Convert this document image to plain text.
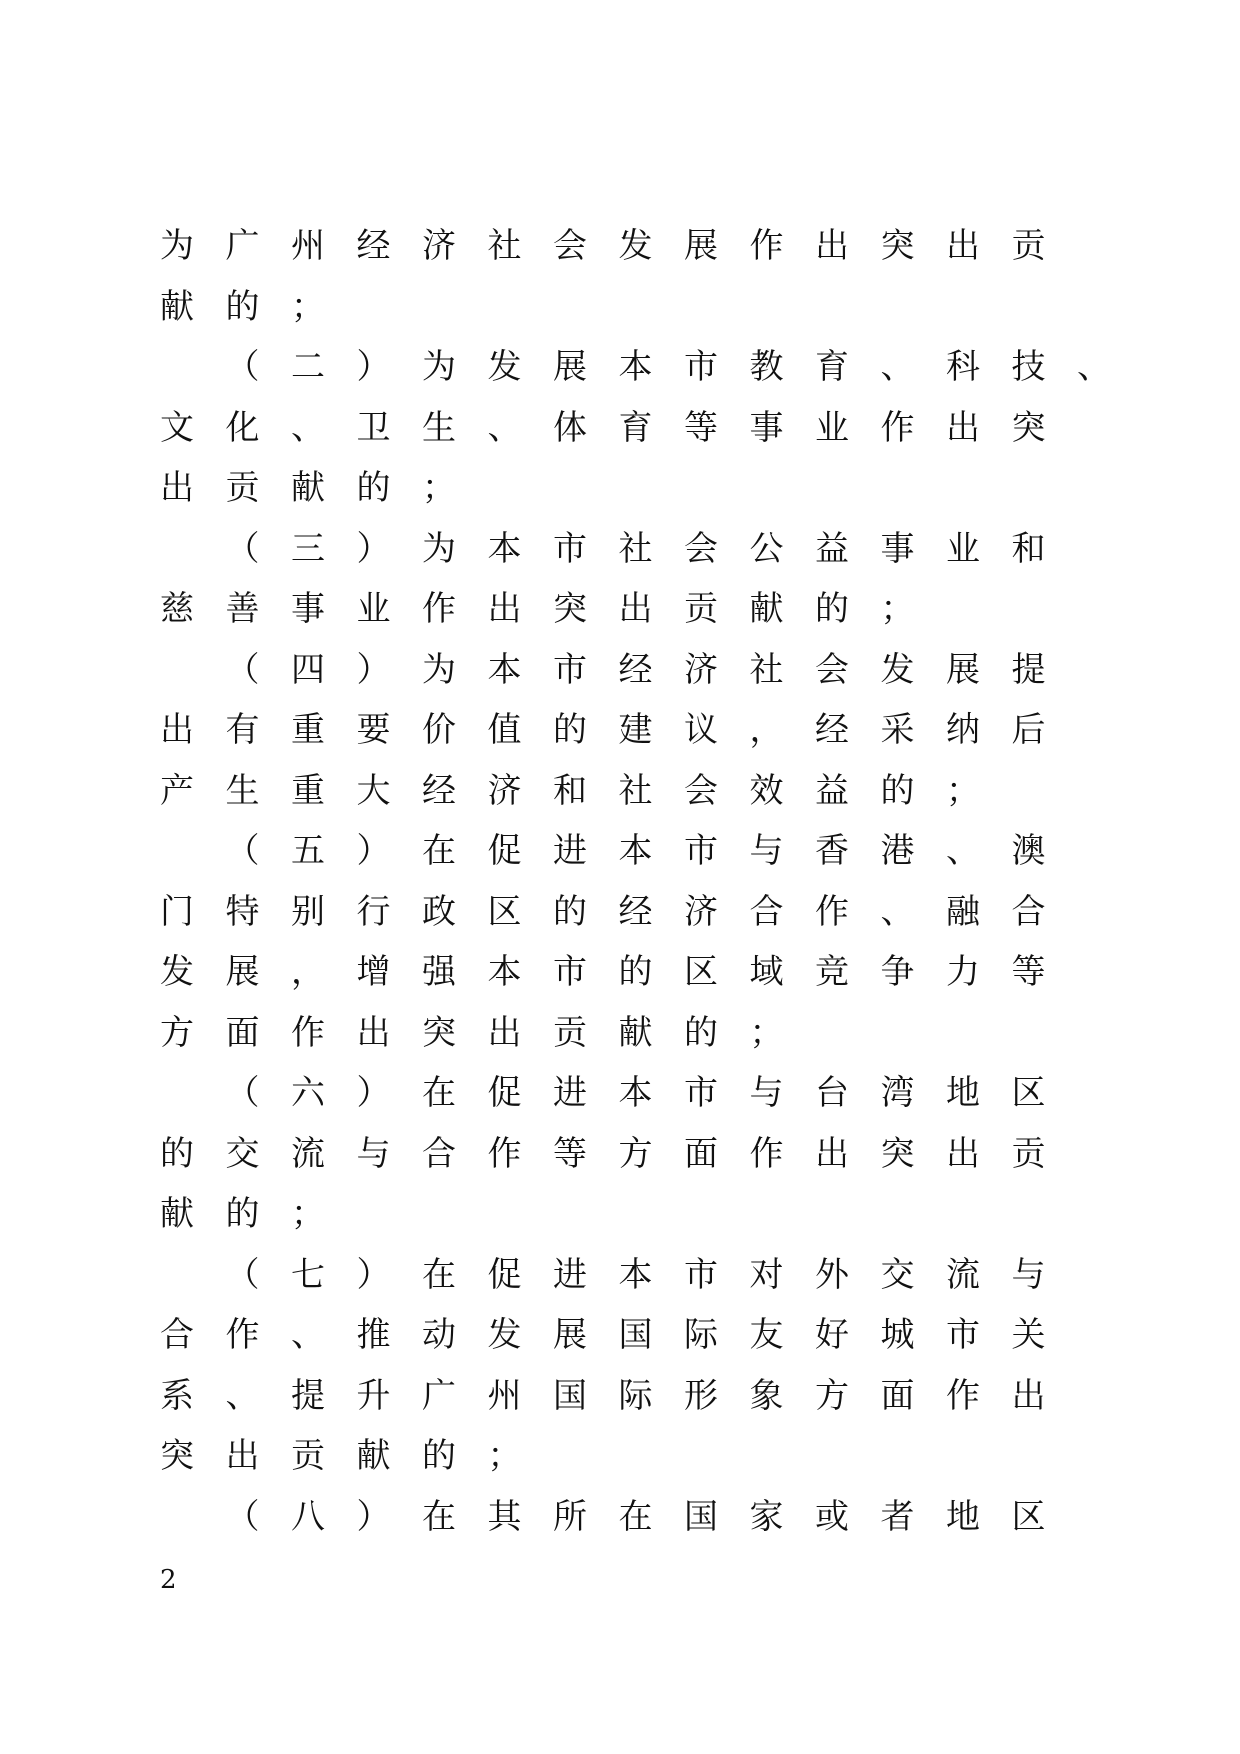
为 广 州 经 济 社 会 发 展 作 出 突 出 贡
献 的 ；

（ 二 ） 为 发 展 本 市 教 育 、 科 技 、
文 化 、 卫 生 、 体 育 等 事 业 作 出 突
出 贡 献 的 ；

（ 三 ） 为 本 市 社 会 公 益 事 业 和
慈 善 事 业 作 出 突 出 贡 献 的 ；

（ 四 ） 为 本 市 经 济 社 会 发 展 提
出 有 重 要 价 值 的 建 议 ， 经 采 纳 后
产 生 重 大 经 济 和 社 会 效 益 的 ；

（ 五 ） 在 促 进 本 市 与 香 港 、 澳
门 特 别 行 政 区 的 经 济 合 作 、 融 合
发 展 ， 增 强 本 市 的 区 域 竞 争 力 等
方 面 作 出 突 出 贡 献 的 ；

（ 六 ） 在 促 进 本 市 与 台 湾 地 区
的 交 流 与 合 作 等 方 面 作 出 突 出 贡
献 的 ；

（ 七 ） 在 促 进 本 市 对 外 交 流 与
合 作 、 推 动 发 展 国 际 友 好 城 市 关
系 、 提 升 广 州 国 际 形 象 方 面 作 出
突 出 贡 献 的 ；

（ 八 ） 在 其 所 在 国 家 或 者 地 区
2
